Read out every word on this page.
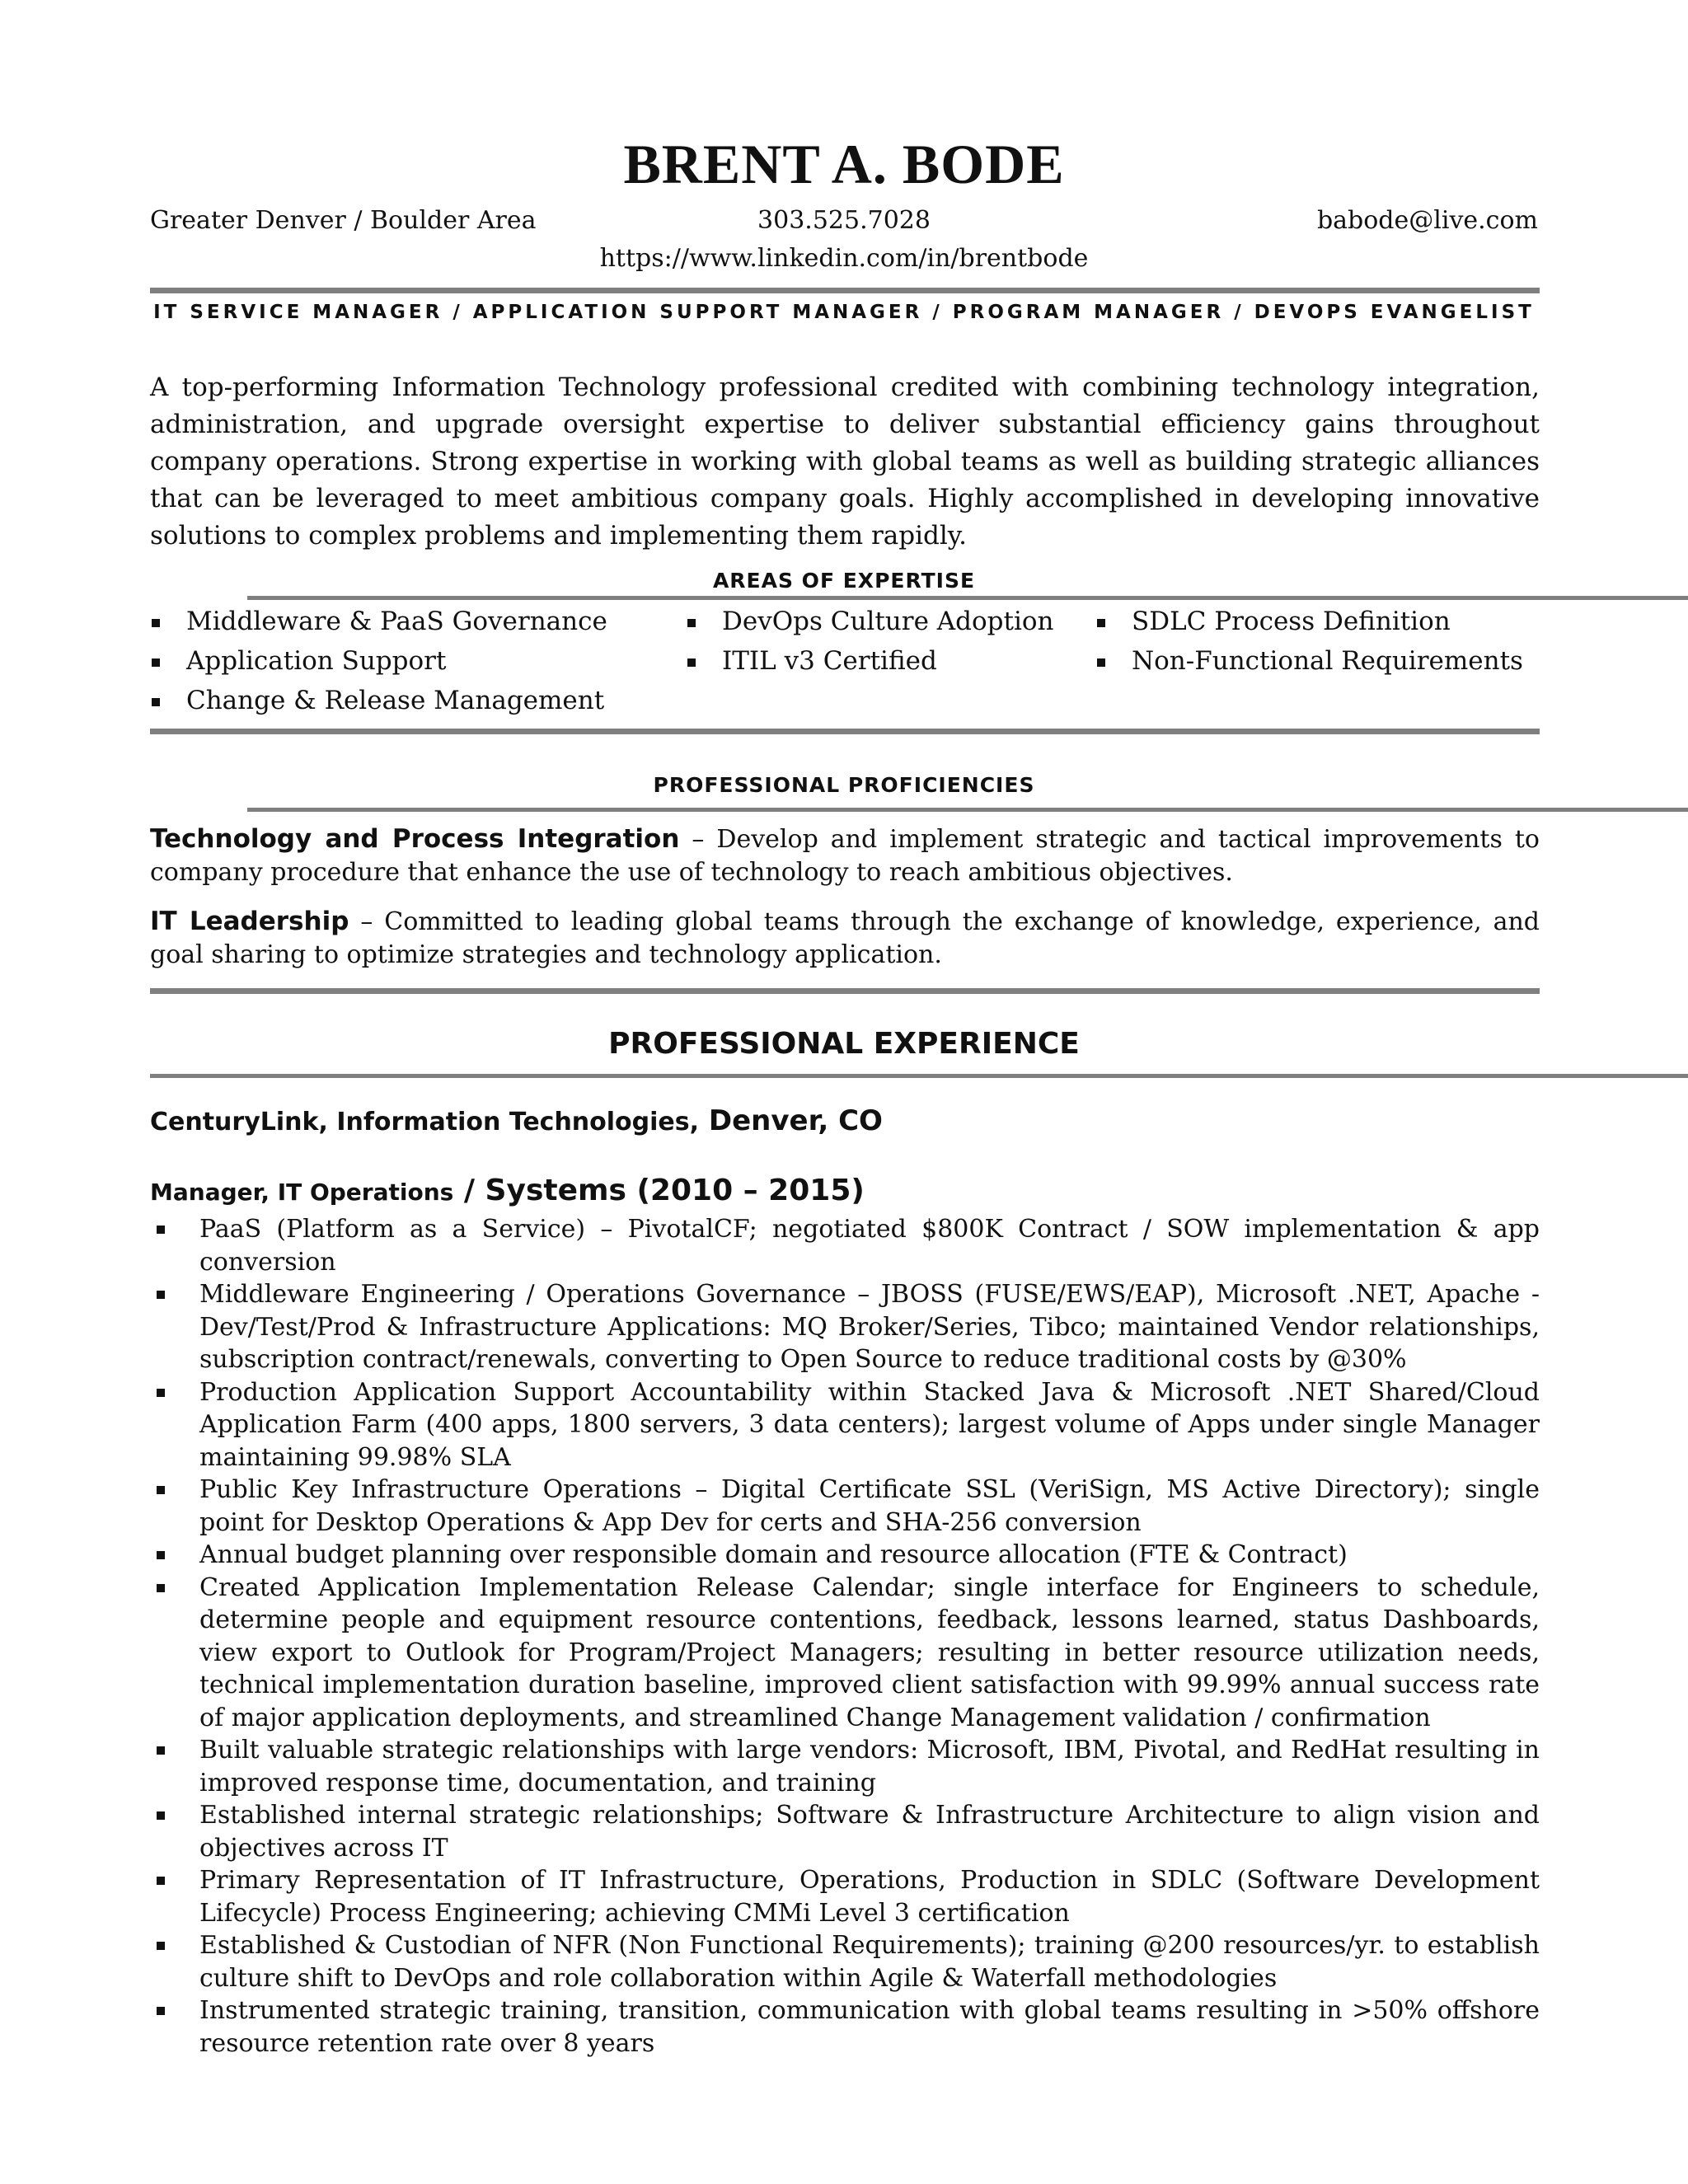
BRENT A. BODE
Greater Denver / Boulder Area	303.525.7028	babode@live.com
https://www.linkedin.com/in/brentbode
IT SERVICE MANAGER / APPLICATION SUPPORT MANAGER / PROGRAM MANAGER / DEVOPS EVANGELIST
A top-performing Information Technology professional credited with combining technology integration, administration, and upgrade oversight expertise to deliver substantial efficiency gains throughout company operations. Strong expertise in working with global teams as well as building strategic alliances that can be leveraged to meet ambitious company goals. Highly accomplished in developing innovative solutions to complex problems and implementing them rapidly.
AREAS OF EXPERTISE
Middleware & PaaS Governance
Application Support
Change & Release Management
DevOps Culture Adoption
ITIL v3 Certified
SDLC Process Definition
Non-Functional Requirements
PROFESSIONAL PROFICIENCIES
Technology and Process Integration – Develop and implement strategic and tactical improvements to company procedure that enhance the use of technology to reach ambitious objectives.
IT Leadership – Committed to leading global teams through the exchange of knowledge, experience, and goal sharing to optimize strategies and technology application.
PROFESSIONAL EXPERIENCE
CenturyLink, Information Technologies, Denver, CO
Manager, IT Operations / Systems (2010 – 2015)
PaaS (Platform as a Service) – PivotalCF; negotiated $800K Contract / SOW implementation & app conversion
Middleware Engineering / Operations Governance – JBOSS (FUSE/EWS/EAP), Microsoft .NET, Apache - Dev/Test/Prod & Infrastructure Applications: MQ Broker/Series, Tibco; maintained Vendor relationships, subscription contract/renewals, converting to Open Source to reduce traditional costs by @30%
Production Application Support Accountability within Stacked Java & Microsoft .NET Shared/Cloud Application Farm (400 apps, 1800 servers, 3 data centers); largest volume of Apps under single Manager maintaining 99.98% SLA
Public Key Infrastructure Operations – Digital Certificate SSL (VeriSign, MS Active Directory); single point for Desktop Operations & App Dev for certs and SHA-256 conversion
Annual budget planning over responsible domain and resource allocation (FTE & Contract)
Created Application Implementation Release Calendar; single interface for Engineers to schedule, determine people and equipment resource contentions, feedback, lessons learned, status Dashboards, view export to Outlook for Program/Project Managers; resulting in better resource utilization needs, technical implementation duration baseline, improved client satisfaction with 99.99% annual success rate of major application deployments, and streamlined Change Management validation / confirmation
Built valuable strategic relationships with large vendors: Microsoft, IBM, Pivotal, and RedHat resulting in improved response time, documentation, and training
Established internal strategic relationships; Software & Infrastructure Architecture to align vision and objectives across IT
Primary Representation of IT Infrastructure, Operations, Production in SDLC (Software Development Lifecycle) Process Engineering; achieving CMMi Level 3 certification
Established & Custodian of NFR (Non Functional Requirements); training @200 resources/yr. to establish culture shift to DevOps and role collaboration within Agile & Waterfall methodologies
Instrumented strategic training, transition, communication with global teams resulting in >50% offshore resource retention rate over 8 years
